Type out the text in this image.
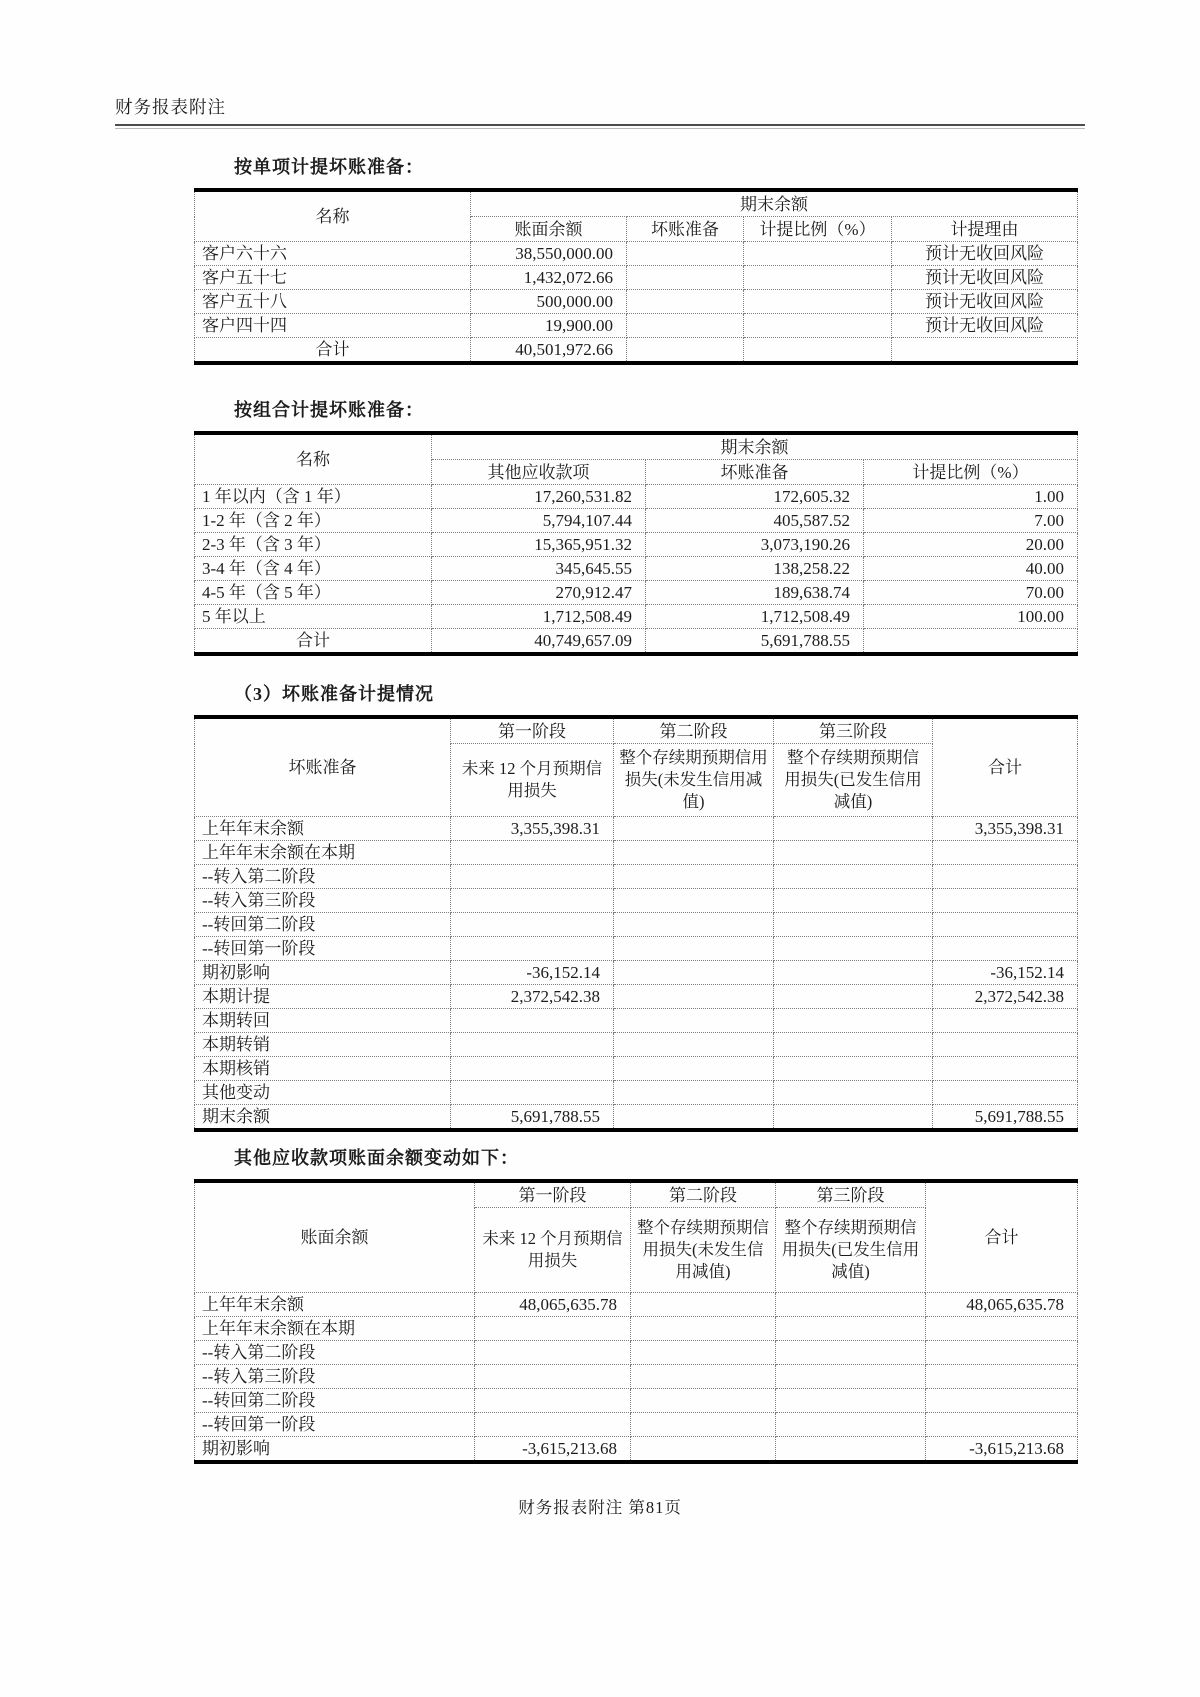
财务报表附注
按单项计提坏账准备：
名称	期末余额			
	账面余额	坏账准备	计提比例（%）	计提理由
客户六十六	38,550,000.00			预计无收回风险
客户五十七	1,432,072.66			预计无收回风险
客户五十八	500,000.00			预计无收回风险
客户四十四	19,900.00			预计无收回风险
合计	40,501,972.66			
按组合计提坏账准备：
名称	期末余额		
	其他应收款项	坏账准备	计提比例（%）
1 年以内（含 1 年）	17,260,531.82	172,605.32	1.00
1-2 年（含 2 年）	5,794,107.44	405,587.52	7.00
2-3 年（含 3 年）	15,365,951.32	3,073,190.26	20.00
3-4 年（含 4 年）	345,645.55	138,258.22	40.00
4-5 年（含 5 年）	270,912.47	189,638.74	70.00
5 年以上	1,712,508.49	1,712,508.49	100.00
合计	40,749,657.09	5,691,788.55	
（3）坏账准备计提情况
坏账准备	第一阶段	第二阶段	第三阶段	合计
	未来 12 个月预期信用损失	整个存续期预期信用损失(未发生信用减值)	整个存续期预期信用损失(已发生信用减值)	
上年年末余额	3,355,398.31			3,355,398.31
上年年末余额在本期				
--转入第二阶段				
--转入第三阶段				
--转回第二阶段				
--转回第一阶段				
期初影响	-36,152.14			-36,152.14
本期计提	2,372,542.38			2,372,542.38
本期转回				
本期转销				
本期核销				
其他变动				
期末余额	5,691,788.55			5,691,788.55
其他应收款项账面余额变动如下：
账面余额	第一阶段	第二阶段	第三阶段	合计
	未来 12 个月预期信用损失	整个存续期预期信用损失(未发生信用减值)	整个存续期预期信用损失(已发生信用减值)	
上年年末余额	48,065,635.78			48,065,635.78
上年年末余额在本期				
--转入第二阶段				
--转入第三阶段				
--转回第二阶段				
--转回第一阶段				
期初影响	-3,615,213.68			-3,615,213.68
财务报表附注 第81页
